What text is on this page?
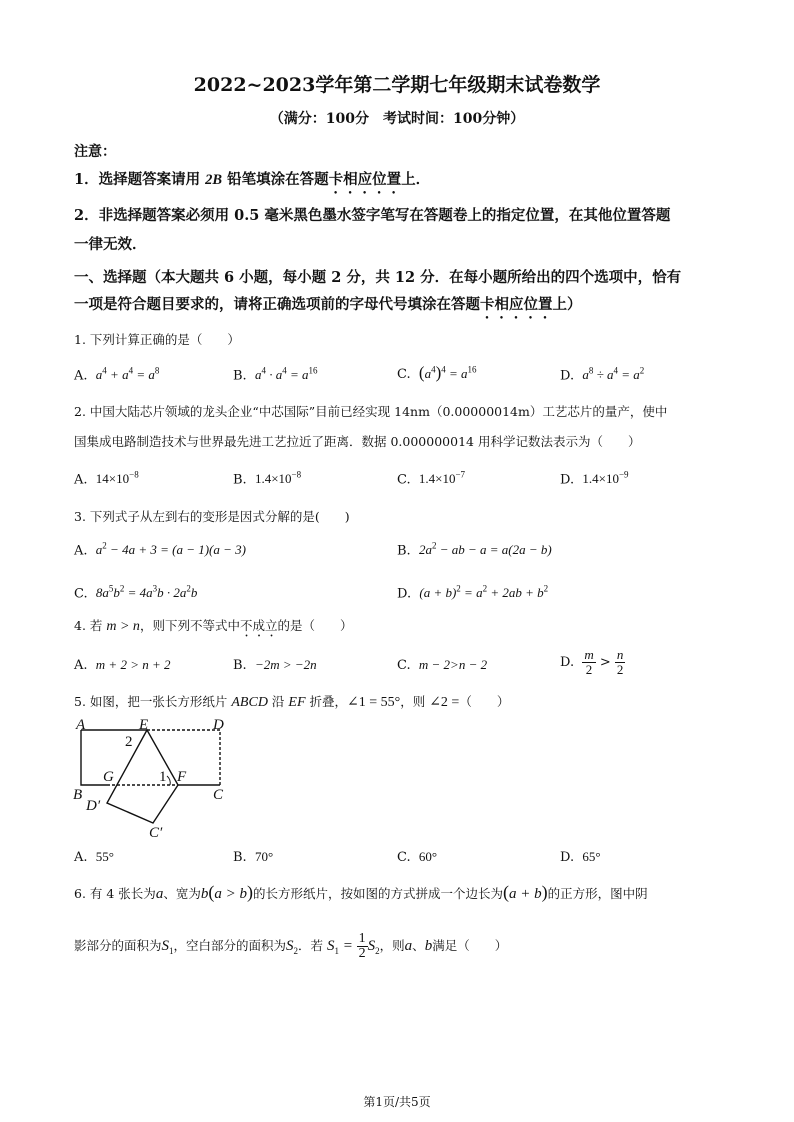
2022~2023学年第二学期七年级期末试卷数学
（满分：100分　考试时间：100分钟）
注意：
1．选择题答案请用 2B 铅笔填涂在答题卡相应位置上．
2．非选择题答案必须用 0.5 毫米黑色墨水签字笔写在答题卷上的指定位置，在其他位置答题
一律无效．
一、选择题（本大题共 6 小题，每小题 2 分，共 12 分．在每小题所给出的四个选项中，恰有
一项是符合题目要求的，请将正确选项前的字母代号填涂在答题卡相应位置上）
1. 下列计算正确的是（　　）
A. $a^4 + a^4 = a^8$	B. $a^4 \cdot a^4 = a^{16}$	C. $(a^4)^4 = a^{16}$	D. $a^8 \div a^4 = a^2$
2. 中国大陆芯片领域的龙头企业“中芯国际”目前已经实现 14nm（0.00000014m）工艺芯片的量产，使中
国集成电路制造技术与世界最先进工艺拉近了距离．数据 0.000000014 用科学记数法表示为（　　）
A. $14\times 10^{-8}$	B. $1.4\times 10^{-8}$	C. $1.4\times 10^{-7}$	D. $1.4\times 10^{-9}$
3. 下列式子从左到右的变形是因式分解的是(　　)
A. $a^2 - 4a + 3 = (a - 1)(a - 3)$	B. $2a^2$ − ab − a = a(2a − b)
C. $8a^5b^2 = 4a^3b \cdot 2a^2b$	D. $(a + b)^2 = a^2 + 2ab + b^2$
4. 若 m > n，则下列不等式中不成立的是（　　）
A. m + 2 > n + 2	B. −2m > −2n	C. m − 2>n − 2	D. $\frac{m}{2} > \frac{n}{2}$
5. 如图，把一张长方形纸片 ABCD 沿 EF 折叠，∠1 = 55°，则 ∠2 =（　　）
A	E	D
2
G	1 F
B	C
D′
C′
A. 55°	B. 70°	C. 60°	D. 65°
6. 有 4 张长为a、宽为b(a > b)的长方形纸片，按如图的方式拼成一个边长为(a + b)的正方形，图中阴
影部分的面积为$S_1$，空白部分的面积为$S_2$．若 $S_1 = \frac{1}{2} S_2$，则a、b满足（　　）
第1页/共5页
